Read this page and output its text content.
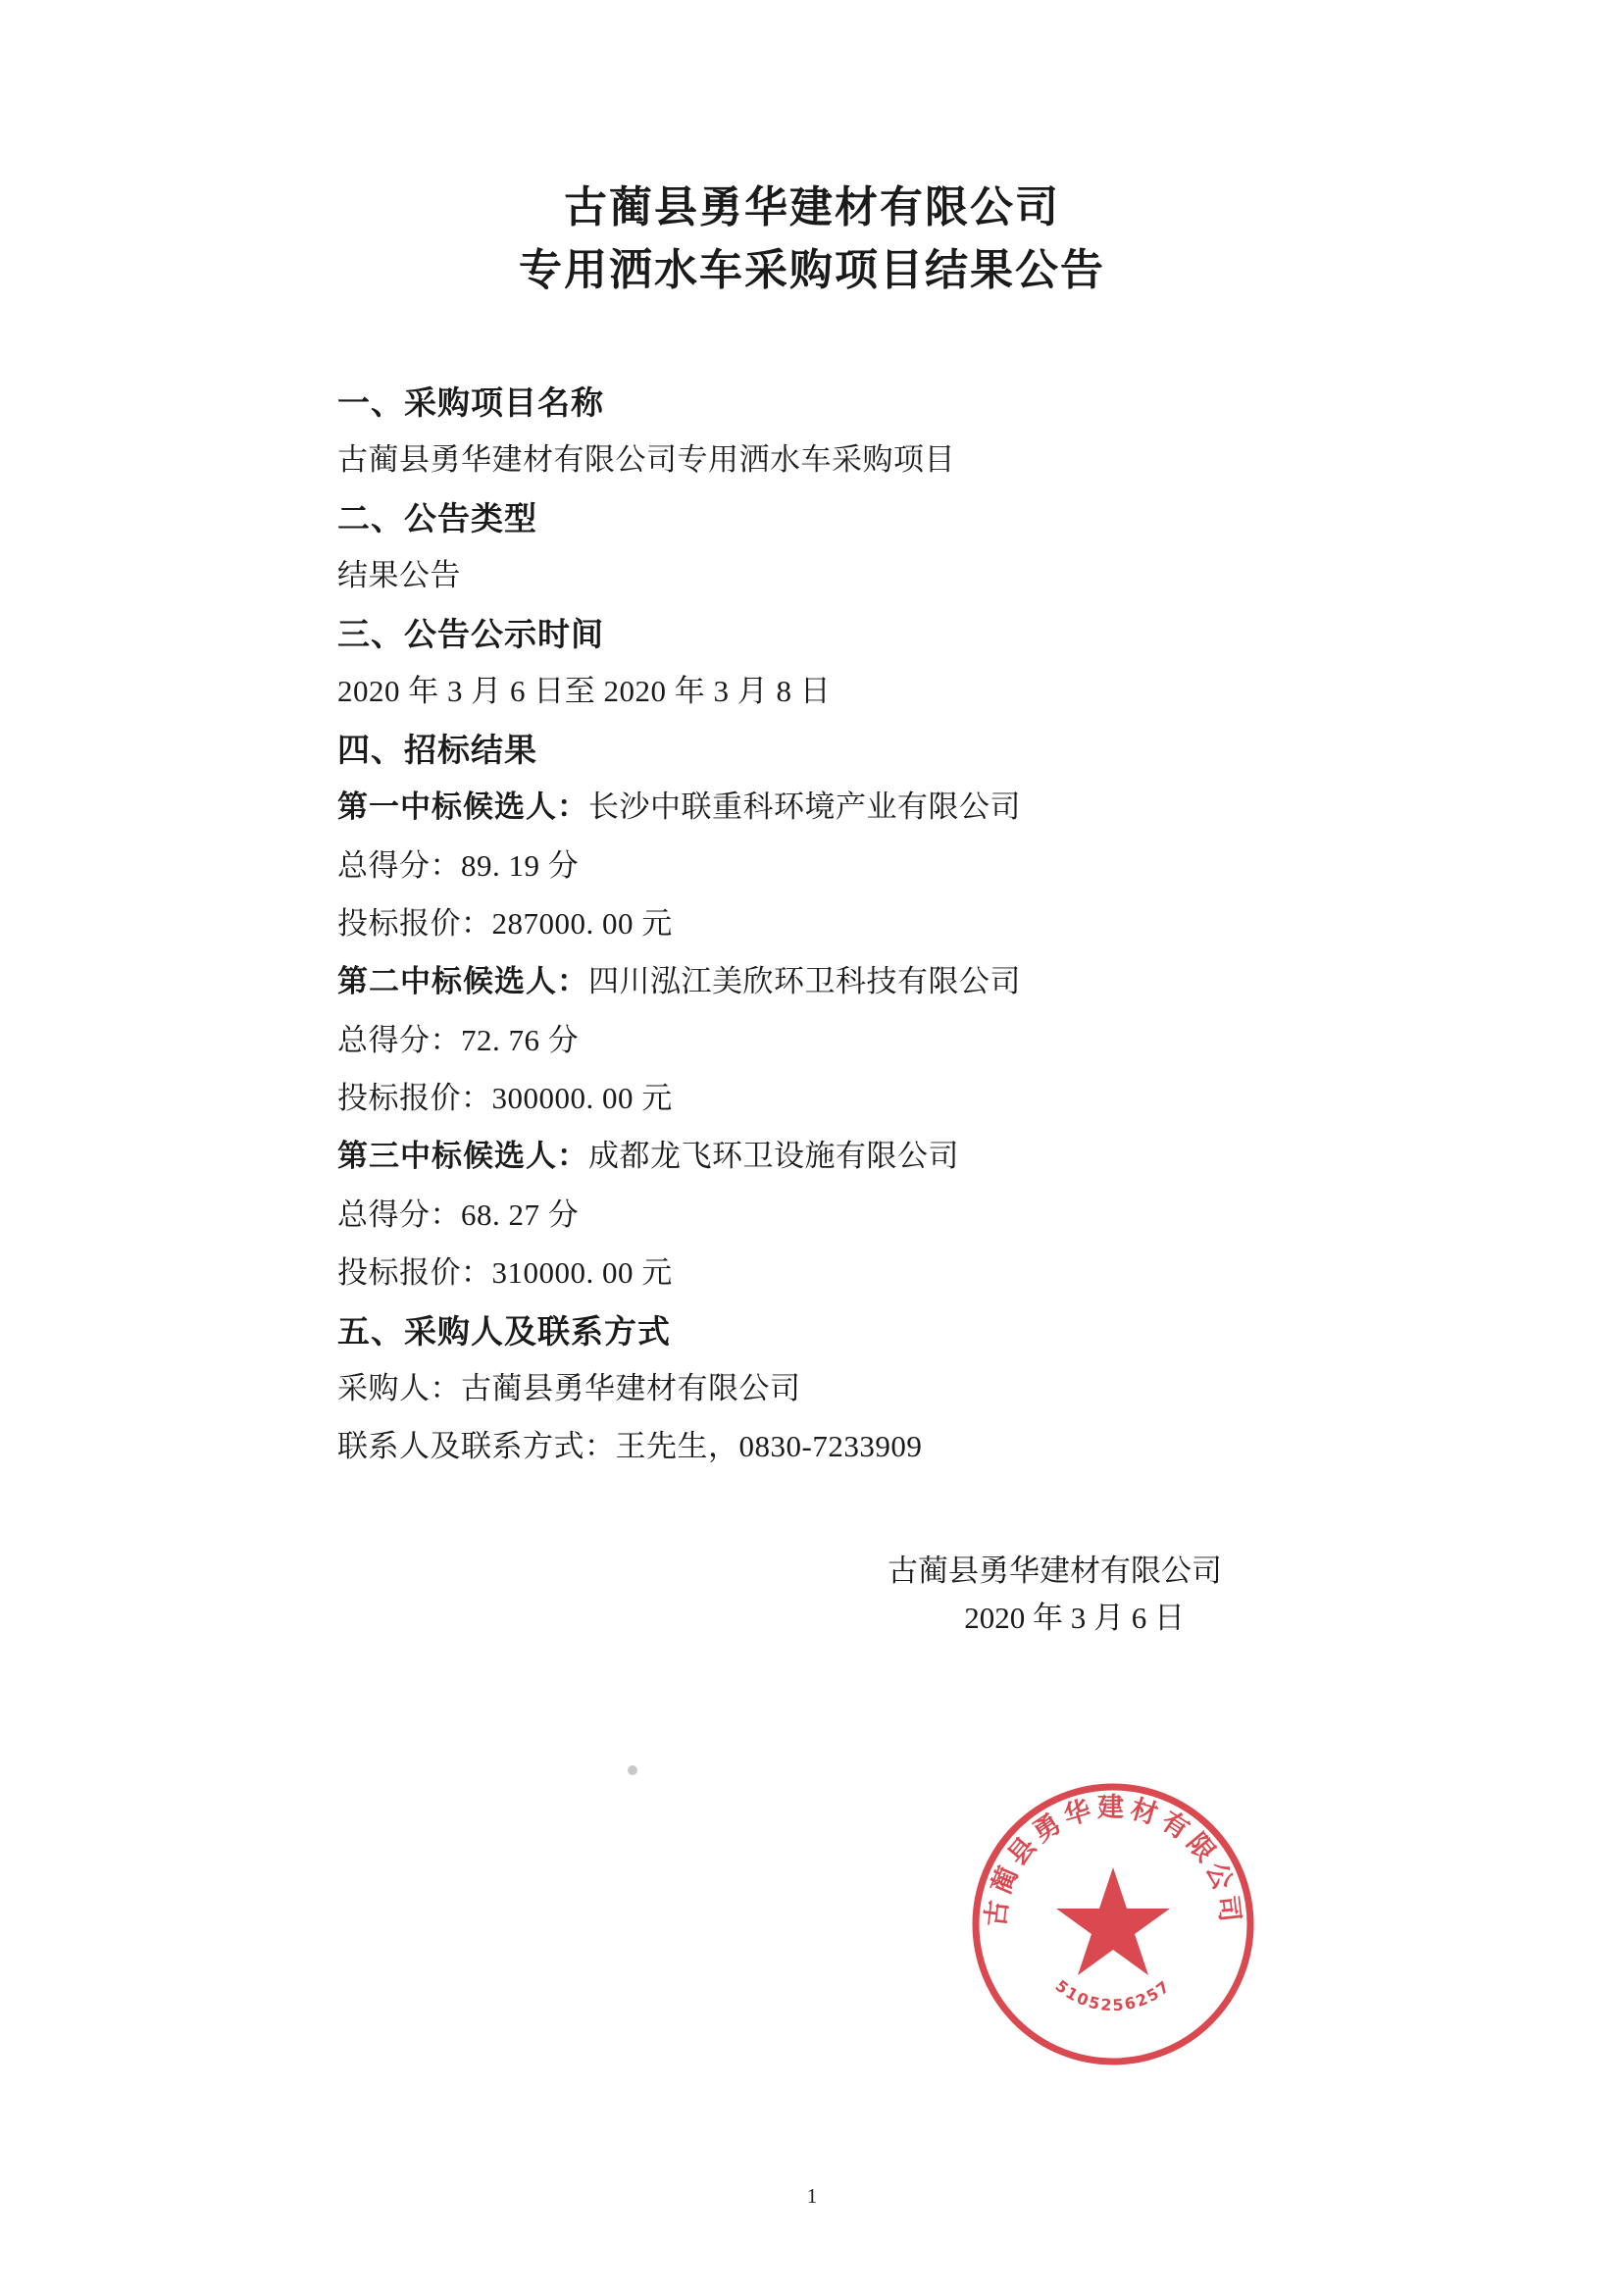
古蔺县勇华建材有限公司
专用洒水车采购项目结果公告

一、采购项目名称

古蔺县勇华建材有限公司专用洒水车采购项目

二、公告类型

结果公告

三、公告公示时间

2020 年 3 月 6 日至 2020 年 3 月 8 日

四、招标结果

第一中标候选人：长沙中联重科环境产业有限公司

总得分：89. 19 分

投标报价：287000. 00 元

第二中标候选人：四川泓江美欣环卫科技有限公司

总得分：72. 76 分

投标报价：300000. 00 元

第三中标候选人：成都龙飞环卫设施有限公司

总得分：68. 27 分

投标报价：310000. 00 元

五、采购人及联系方式

采购人：古蔺县勇华建材有限公司

联系人及联系方式：王先生，0830-7233909

古蔺县勇华建材有限公司
2020 年 3 月 6 日
古蔺县勇华建材有限公司
5105256257
1
